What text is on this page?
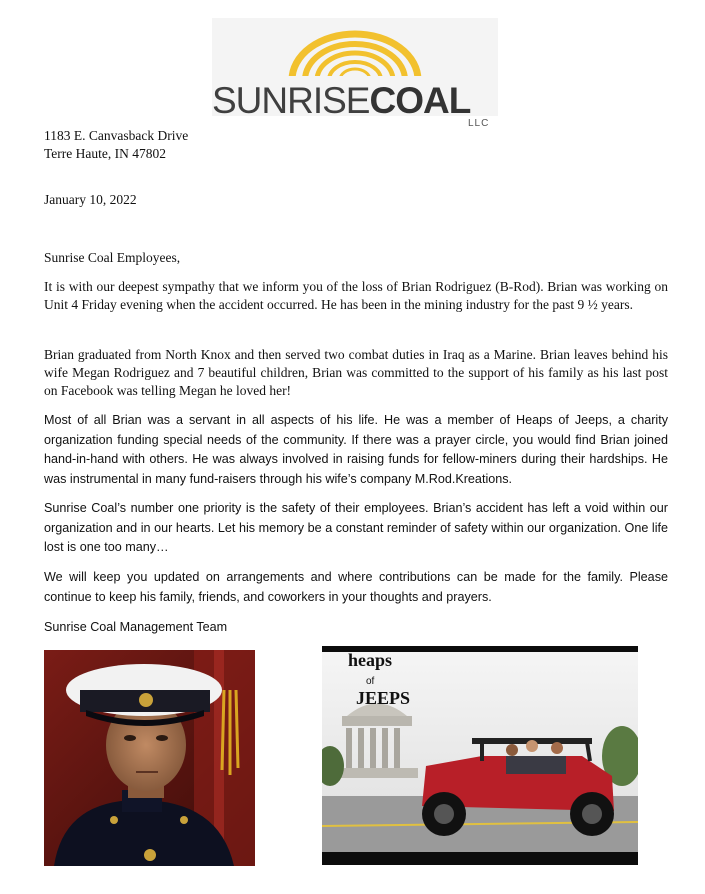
SUNRISECOAL
LLC
1183 E. Canvasback Drive
Terre Haute, IN 47802
January 10, 2022
Sunrise Coal Employees,

It is with our deepest sympathy that we inform you of the loss of Brian Rodriguez (B-Rod). Brian was working on Unit 4 Friday evening when the accident occurred. He has been in the mining industry for the past 9 ½ years.

Brian graduated from North Knox and then served two combat duties in Iraq as a Marine. Brian leaves behind his wife Megan Rodriguez and 7 beautiful children, Brian was committed to the support of his family as his last post on Facebook was telling Megan he loved her!

Most of all Brian was a servant in all aspects of his life. He was a member of Heaps of Jeeps, a charity organization funding special needs of the community. If there was a prayer circle, you would find Brian joined hand-in-hand with others. He was always involved in raising funds for fellow-miners during their hardships. He was instrumental in many fund-raisers through his wife’s company M.Rod.Kreations.

Sunrise Coal’s number one priority is the safety of their employees. Brian’s accident has left a void within our organization and in our hearts. Let his memory be a constant reminder of safety within our organization. One life lost is one too many…

We will keep you updated on arrangements and where contributions can be made for the family. Please continue to keep his family, friends, and coworkers in your thoughts and prayers.

Sunrise Coal Management Team
heaps
of
JEEPS
